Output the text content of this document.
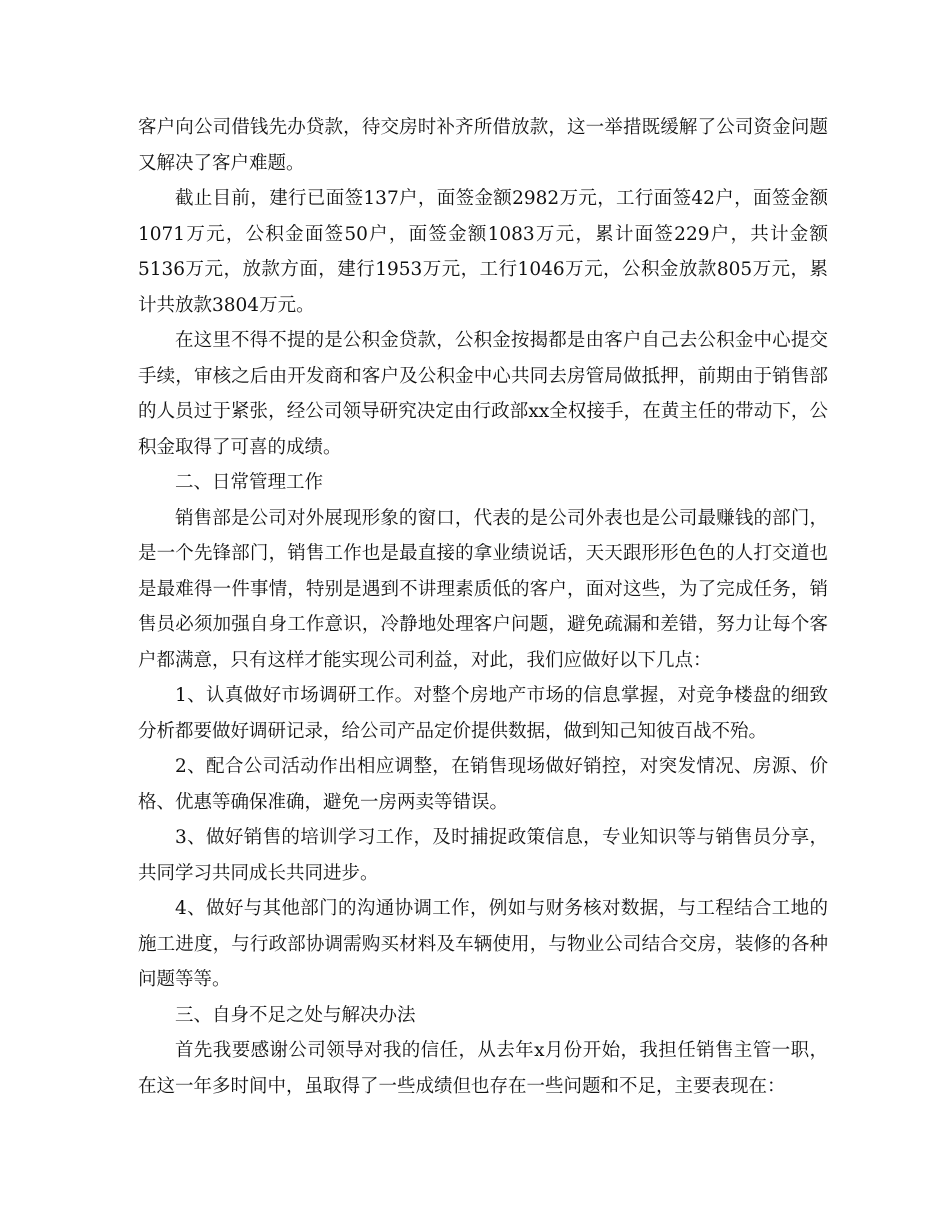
客户向公司借钱先办贷款，待交房时补齐所借放款，这一举措既缓解了公司资金问题又解决了客户难题。

截止目前，建行已面签137户，面签金额2982万元，工行面签42户，面签金额1071万元，公积金面签50户，面签金额1083万元，累计面签229户，共计金额5136万元，放款方面，建行1953万元，工行1046万元，公积金放款805万元，累计共放款3804万元。

在这里不得不提的是公积金贷款，公积金按揭都是由客户自己去公积金中心提交手续，审核之后由开发商和客户及公积金中心共同去房管局做抵押，前期由于销售部的人员过于紧张，经公司领导研究决定由行政部xx全权接手，在黄主任的带动下，公积金取得了可喜的成绩。

二、日常管理工作

销售部是公司对外展现形象的窗口，代表的是公司外表也是公司最赚钱的部门，是一个先锋部门，销售工作也是最直接的拿业绩说话，天天跟形形色色的人打交道也是最难得一件事情，特别是遇到不讲理素质低的客户，面对这些，为了完成任务，销售员必须加强自身工作意识，冷静地处理客户问题，避免疏漏和差错，努力让每个客户都满意，只有这样才能实现公司利益，对此，我们应做好以下几点：

1、认真做好市场调研工作。对整个房地产市场的信息掌握，对竞争楼盘的细致分析都要做好调研记录，给公司产品定价提供数据，做到知己知彼百战不殆。

2、配合公司活动作出相应调整，在销售现场做好销控，对突发情况、房源、价格、优惠等确保准确，避免一房两卖等错误。

3、做好销售的培训学习工作，及时捕捉政策信息，专业知识等与销售员分享，共同学习共同成长共同进步。

4、做好与其他部门的沟通协调工作，例如与财务核对数据，与工程结合工地的施工进度，与行政部协调需购买材料及车辆使用，与物业公司结合交房，装修的各种问题等等。

三、自身不足之处与解决办法

首先我要感谢公司领导对我的信任，从去年x月份开始，我担任销售主管一职，在这一年多时间中，虽取得了一些成绩但也存在一些问题和不足，主要表现在：
